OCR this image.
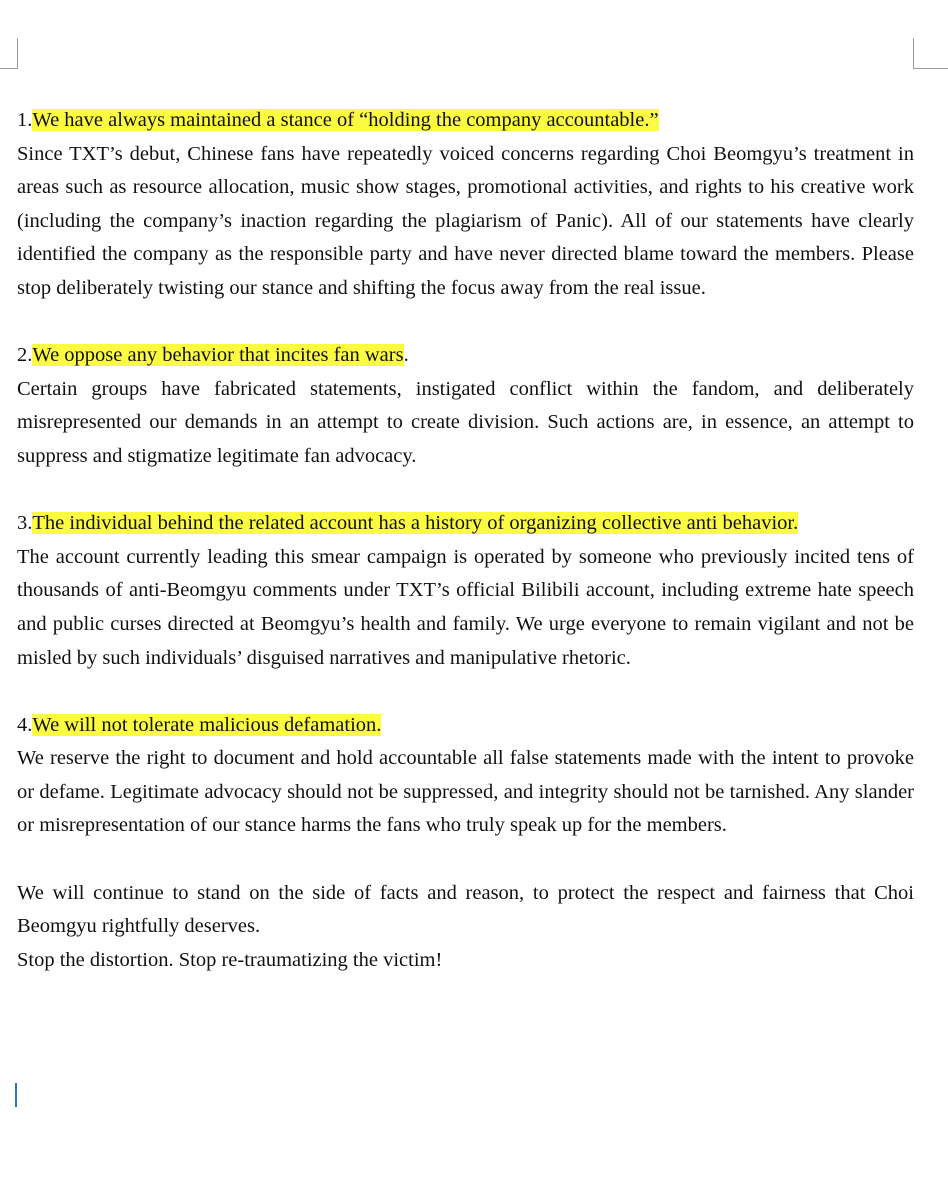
1.We have always maintained a stance of “holding the company accountable.”

Since TXT’s debut, Chinese fans have repeatedly voiced concerns regarding Choi Beomgyu’s treatment in areas such as resource allocation, music show stages, promotional activities, and rights to his creative work (including the company’s inaction regarding the plagiarism of Panic). All of our statements have clearly identified the company as the responsible party and have never directed blame toward the members. Please stop deliberately twisting our stance and shifting the focus away from the real issue.

2.We oppose any behavior that incites fan wars.

Certain groups have fabricated statements, instigated conflict within the fandom, and deliberately misrepresented our demands in an attempt to create division. Such actions are, in essence, an attempt to suppress and stigmatize legitimate fan advocacy.

3.The individual behind the related account has a history of organizing collective anti behavior.

The account currently leading this smear campaign is operated by someone who previously incited tens of thousands of anti-Beomgyu comments under TXT’s official Bilibili account, including extreme hate speech and public curses directed at Beomgyu’s health and family. We urge everyone to remain vigilant and not be misled by such individuals’ disguised narratives and manipulative rhetoric.

4.We will not tolerate malicious defamation.

We reserve the right to document and hold accountable all false statements made with the intent to provoke or defame. Legitimate advocacy should not be suppressed, and integrity should not be tarnished. Any slander or misrepresentation of our stance harms the fans who truly speak up for the members.

We will continue to stand on the side of facts and reason, to protect the respect and fairness that Choi Beomgyu rightfully deserves.

Stop the distortion. Stop re-traumatizing the victim!
